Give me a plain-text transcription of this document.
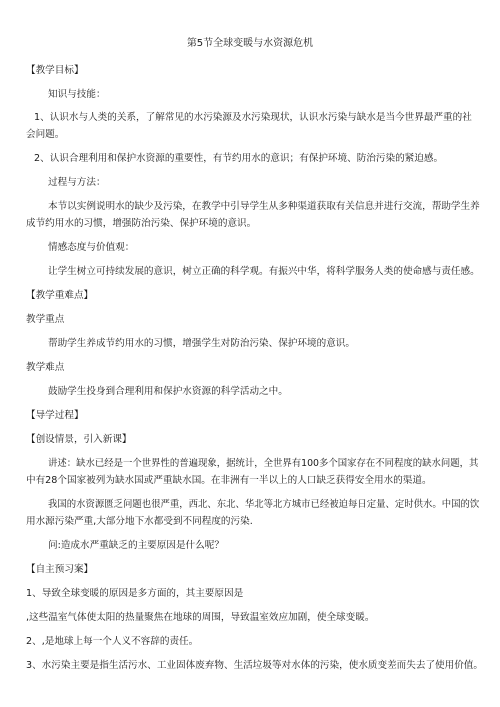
第5节全球变暖与水资源危机
【教学目标】
知识与技能：
1、认识水与人类的关系，了解常见的水污染源及水污染现状，认识水污染与缺水是当今世界最严重的社
会问题。
2、认识合理利用和保护水资源的重要性，有节约用水的意识；有保护环境、防治污染的紧迫感。
过程与方法：
本节以实例说明水的缺少及污染，在教学中引导学生从多种渠道获取有关信息并进行交流，帮助学生养
成节约用水的习惯，增强防治污染、保护环境的意识。
情感态度与价值观：
让学生树立可持续发展的意识，树立正确的科学观。有振兴中华，将科学服务人类的使命感与责任感。
【教学重难点】
教学重点
帮助学生养成节约用水的习惯，增强学生对防治污染、保护环境的意识。
教学难点
鼓励学生投身到合理利用和保护水资源的科学活动之中。
【导学过程】
【创设情景，引入新课】
讲述：缺水已经是一个世界性的普遍现象，据统计，全世界有100多个国家存在不同程度的缺水问题，其
中有28个国家被列为缺水国或严重缺水国。在非洲有一半以上的人口缺乏获得安全用水的渠道。
我国的水资源匮乏问题也很严重，西北、东北、华北等北方城市已经被迫每日定量、定时供水。中国的饮
用水源污染严重,大部分地下水都受到不同程度的污染.
问:造成水严重缺乏的主要原因是什么呢？
【自主预习案】
1、导致全球变暖的原因是多方面的，其主要原因是
,这些温室气体使太阳的热量聚焦在地球的周围，导致温室效应加剧，使全球变暖。
2、,是地球上每一个人义不容辞的责任。
3、水污染主要是指生活污水、工业固体废弃物、生活垃圾等对水体的污染，使水质变差而失去了使用价值。
